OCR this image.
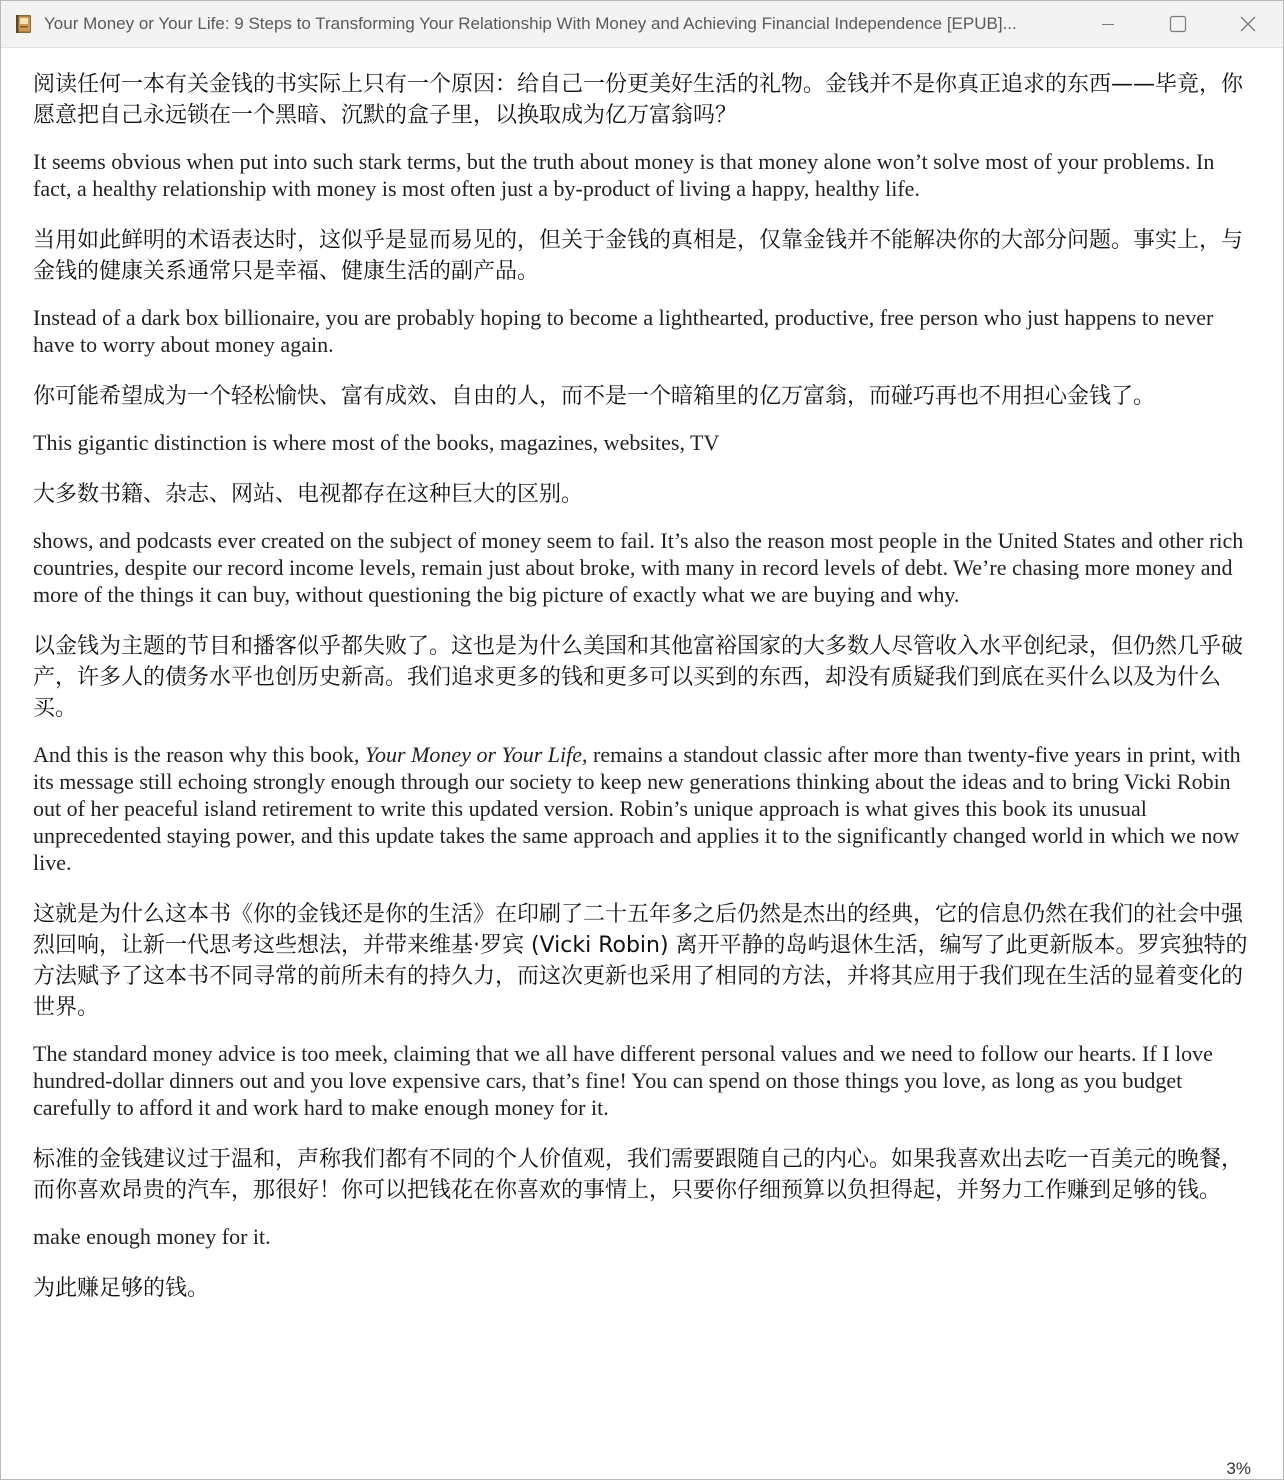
Your Money or Your Life: 9 Steps to Transforming Your Relationship With Money and Achieving Financial Independence [EPUB]...

阅读任何一本有关金钱的书实际上只有一个原因：给自己一份更美好生活的礼物。金钱并不是你真正追求的东西——毕竟，你愿意把自己永远锁在一个黑暗、沉默的盒子里，以换取成为亿万富翁吗？

It seems obvious when put into such stark terms, but the truth about money is that money alone won’t solve most of your problems. In fact, a healthy relationship with money is most often just a by-product of living a happy, healthy life.

当用如此鲜明的术语表达时，这似乎是显而易见的，但关于金钱的真相是，仅靠金钱并不能解决你的大部分问题。事实上，与金钱的健康关系通常只是幸福、健康生活的副产品。

Instead of a dark box billionaire, you are probably hoping to become a lighthearted, productive, free person who just happens to never have to worry about money again.

你可能希望成为一个轻松愉快、富有成效、自由的人，而不是一个暗箱里的亿万富翁，而碰巧再也不用担心金钱了。

This gigantic distinction is where most of the books, magazines, websites, TV

大多数书籍、杂志、网站、电视都存在这种巨大的区别。

shows, and podcasts ever created on the subject of money seem to fail. It’s also the reason most people in the United States and other rich countries, despite our record income levels, remain just about broke, with many in record levels of debt. We’re chasing more money and more of the things it can buy, without questioning the big picture of exactly what we are buying and why.

以金钱为主题的节目和播客似乎都失败了。这也是为什么美国和其他富裕国家的大多数人尽管收入水平创纪录，但仍然几乎破产，许多人的债务水平也创历史新高。我们追求更多的钱和更多可以买到的东西，却没有质疑我们到底在买什么以及为什么买。

And this is the reason why this book, Your Money or Your Life, remains a standout classic after more than twenty-five years in print, with its message still echoing strongly enough through our society to keep new generations thinking about the ideas and to bring Vicki Robin out of her peaceful island retirement to write this updated version. Robin’s unique approach is what gives this book its unusual unprecedented staying power, and this update takes the same approach and applies it to the significantly changed world in which we now live.

这就是为什么这本书《你的金钱还是你的生活》在印刷了二十五年多之后仍然是杰出的经典，它的信息仍然在我们的社会中强烈回响，让新一代思考这些想法，并带来维基·罗宾 (Vicki Robin) 离开平静的岛屿退休生活，编写了此更新版本。罗宾独特的方法赋予了这本书不同寻常的前所未有的持久力，而这次更新也采用了相同的方法，并将其应用于我们现在生活的显着变化的世界。

The standard money advice is too meek, claiming that we all have different personal values and we need to follow our hearts. If I love hundred-dollar dinners out and you love expensive cars, that’s fine! You can spend on those things you love, as long as you budget carefully to afford it and work hard to make enough money for it.

标准的金钱建议过于温和，声称我们都有不同的个人价值观，我们需要跟随自己的内心。如果我喜欢出去吃一百美元的晚餐，而你喜欢昂贵的汽车，那很好！你可以把钱花在你喜欢的事情上，只要你仔细预算以负担得起，并努力工作赚到足够的钱。

make enough money for it.

为此赚足够的钱。

3%
